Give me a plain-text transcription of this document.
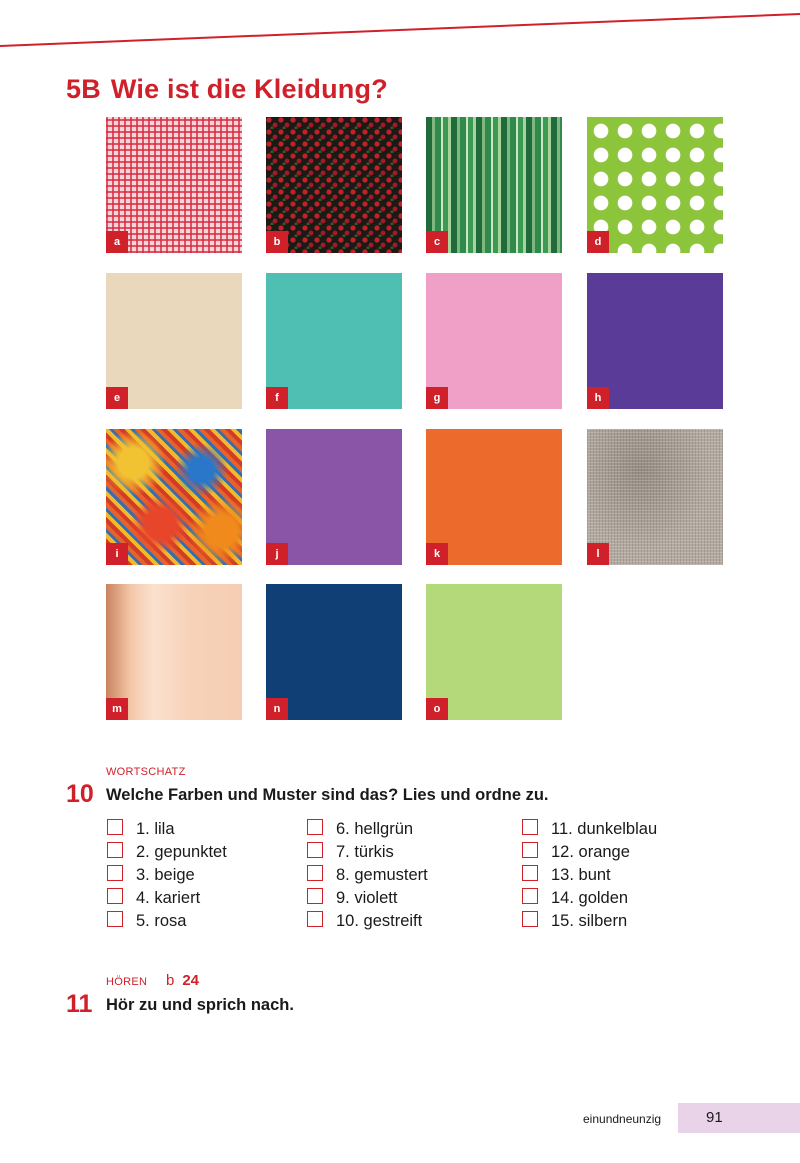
5B Wie ist die Kleidung?
a	b	c	d
e	f	g	h
i	j	k	l
m	n	o
WORTSCHATZ
10 Welche Farben und Muster sind das? Lies und ordne zu.
1. lila
2. gepunktet
3. beige
4. kariert
5. rosa
6. hellgrün
7. türkis
8. gemustert
9. violett
10. gestreift
11. dunkelblau
12. orange
13. bunt
14. golden
15. silbern
HÖREN b 24
11 Hör zu und sprich nach.
einundneunzig	91
